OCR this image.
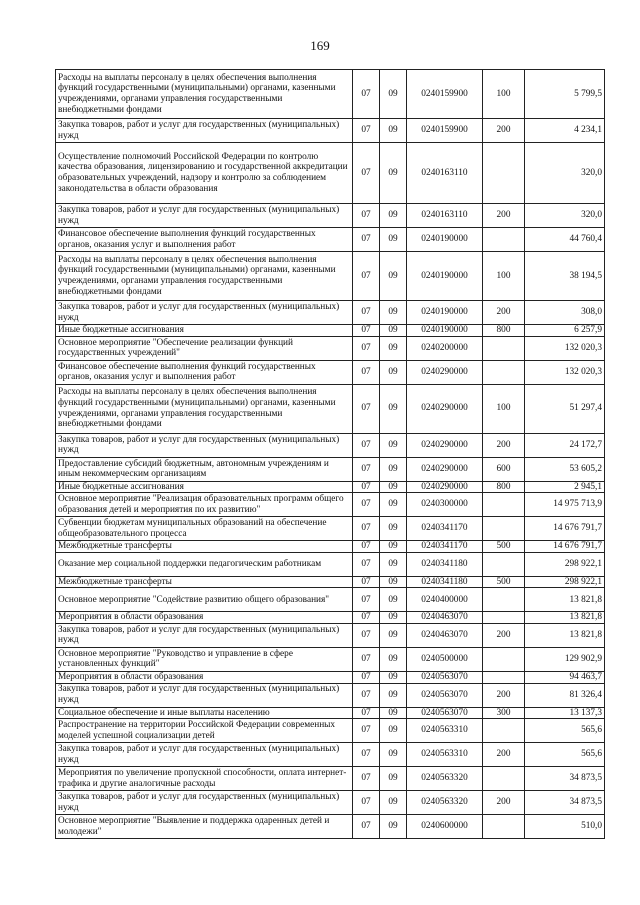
169
Расходы на выплаты персоналу в целях обеспечения выполнения функций государственными (муниципальными) органами, казенными учреждениями, органами управления государственными внебюджетными фондами	07	09	0240159900	100	5 799,5
Закупка товаров, работ и услуг для государственных (муниципальных) нужд	07	09	0240159900	200	4 234,1
Осуществление полномочий Российской Федерации по контролю качества образования, лицензированию и государственной аккредитации образовательных учреждений, надзору и контролю за соблюдением законодательства в области образования	07	09	0240163110		320,0
Закупка товаров, работ и услуг для государственных (муниципальных) нужд	07	09	0240163110	200	320,0
Финансовое обеспечение выполнения функций государственных органов, оказания услуг и выполнения работ	07	09	0240190000		44 760,4
Расходы на выплаты персоналу в целях обеспечения выполнения функций государственными (муниципальными) органами, казенными учреждениями, органами управления государственными внебюджетными фондами	07	09	0240190000	100	38 194,5
Закупка товаров, работ и услуг для государственных (муниципальных) нужд	07	09	0240190000	200	308,0
Иные бюджетные ассигнования	07	09	0240190000	800	6 257,9
Основное мероприятие "Обеспечение реализации функций государственных учреждений"	07	09	0240200000		132 020,3
Финансовое обеспечение выполнения функций государственных органов, оказания услуг и выполнения работ	07	09	0240290000		132 020,3
Расходы на выплаты персоналу в целях обеспечения выполнения функций государственными (муниципальными) органами, казенными учреждениями, органами управления государственными внебюджетными фондами	07	09	0240290000	100	51 297,4
Закупка товаров, работ и услуг для государственных (муниципальных) нужд	07	09	0240290000	200	24 172,7
Предоставление субсидий бюджетным, автономным учреждениям и иным некоммерческим организациям	07	09	0240290000	600	53 605,2
Иные бюджетные ассигнования	07	09	0240290000	800	2 945,1
Основное мероприятие "Реализация образовательных программ общего образования детей и мероприятия по их развитию"	07	09	0240300000		14 975 713,9
Субвенции бюджетам муниципальных образований на обеспечение общеобразовательного процесса	07	09	0240341170		14 676 791,7
Межбюджетные трансферты	07	09	0240341170	500	14 676 791,7
Оказание мер социальной поддержки педагогическим работникам	07	09	0240341180		298 922,1
Межбюджетные трансферты	07	09	0240341180	500	298 922,1
Основное мероприятие "Содействие развитию общего образования"	07	09	0240400000		13 821,8
Мероприятия в области образования	07	09	0240463070		13 821,8
Закупка товаров, работ и услуг для государственных (муниципальных) нужд	07	09	0240463070	200	13 821,8
Основное мероприятие "Руководство и управление в сфере установленных функций"	07	09	0240500000		129 902,9
Мероприятия в области образования	07	09	0240563070		94 463,7
Закупка товаров, работ и услуг для государственных (муниципальных) нужд	07	09	0240563070	200	81 326,4
Социальное обеспечение и иные выплаты населению	07	09	0240563070	300	13 137,3
Распространение на территории Российской Федерации современных моделей успешной социализации детей	07	09	0240563310		565,6
Закупка товаров, работ и услуг для государственных (муниципальных) нужд	07	09	0240563310	200	565,6
Мероприятия по увеличение пропускной способности, оплата интернет-трафика и другие аналогичные расходы	07	09	0240563320		34 873,5
Закупка товаров, работ и услуг для государственных (муниципальных) нужд	07	09	0240563320	200	34 873,5
Основное мероприятие "Выявление и поддержка одаренных детей и молодежи"	07	09	0240600000		510,0
